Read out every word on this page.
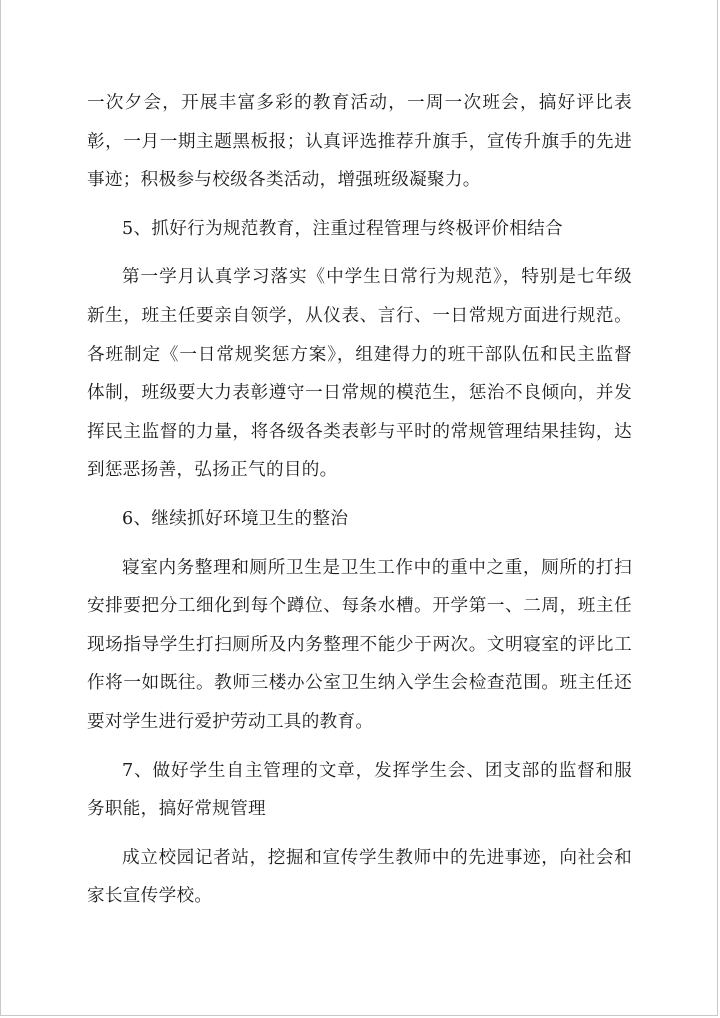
一次夕会，开展丰富多彩的教育活动，一周一次班会，搞好评比表彰，一月一期主题黑板报；认真评选推荐升旗手，宣传升旗手的先进事迹；积极参与校级各类活动，增强班级凝聚力。

5、抓好行为规范教育，注重过程管理与终极评价相结合

第一学月认真学习落实《中学生日常行为规范》，特别是七年级新生，班主任要亲自领学，从仪表、言行、一日常规方面进行规范。各班制定《一日常规奖惩方案》，组建得力的班干部队伍和民主监督体制，班级要大力表彰遵守一日常规的模范生，惩治不良倾向，并发挥民主监督的力量，将各级各类表彰与平时的常规管理结果挂钩，达到惩恶扬善，弘扬正气的目的。

6、继续抓好环境卫生的整治

寝室内务整理和厕所卫生是卫生工作中的重中之重，厕所的打扫安排要把分工细化到每个蹲位、每条水槽。开学第一、二周，班主任现场指导学生打扫厕所及内务整理不能少于两次。文明寝室的评比工作将一如既往。教师三楼办公室卫生纳入学生会检查范围。班主任还要对学生进行爱护劳动工具的教育。

7、做好学生自主管理的文章，发挥学生会、团支部的监督和服务职能，搞好常规管理

成立校园记者站，挖掘和宣传学生教师中的先进事迹，向社会和家长宣传学校。
